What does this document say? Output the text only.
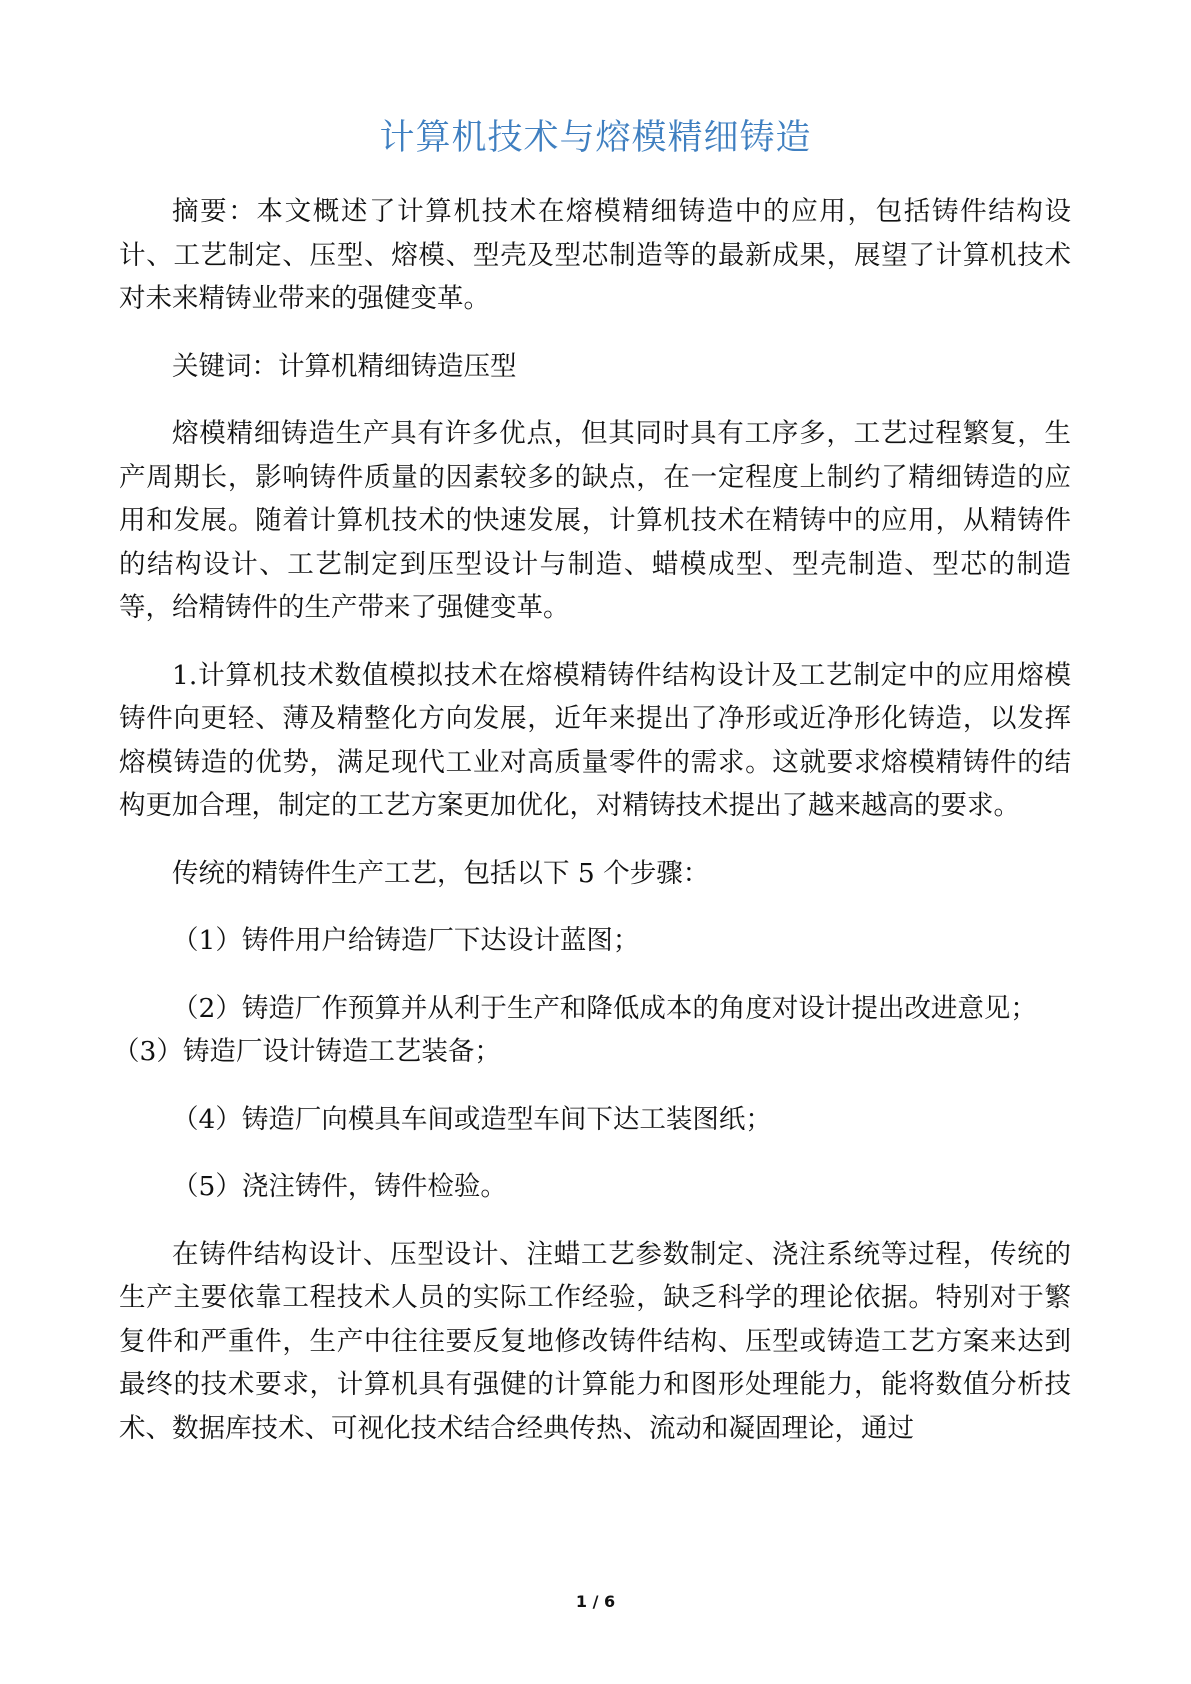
计算机技术与熔模精细铸造

摘要：本文概述了计算机技术在熔模精细铸造中的应用，包括铸件结构设计、工艺制定、压型、熔模、型壳及型芯制造等的最新成果，展望了计算机技术对未来精铸业带来的强健变革。

关键词：计算机精细铸造压型

熔模精细铸造生产具有许多优点，但其同时具有工序多，工艺过程繁复，生产周期长，影响铸件质量的因素较多的缺点，在一定程度上制约了精细铸造的应用和发展。随着计算机技术的快速发展，计算机技术在精铸中的应用，从精铸件的结构设计、工艺制定到压型设计与制造、蜡模成型、型壳制造、型芯的制造等，给精铸件的生产带来了强健变革。

1.计算机技术数值模拟技术在熔模精铸件结构设计及工艺制定中的应用熔模铸件向更轻、薄及精整化方向发展，近年来提出了净形或近净形化铸造，以发挥熔模铸造的优势，满足现代工业对高质量零件的需求。这就要求熔模精铸件的结构更加合理，制定的工艺方案更加优化，对精铸技术提出了越来越高的要求。

传统的精铸件生产工艺，包括以下 5 个步骤：

（1）铸件用户给铸造厂下达设计蓝图；

（2）铸造厂作预算并从利于生产和降低成本的角度对设计提出改进意见；

（3）铸造厂设计铸造工艺装备；

（4）铸造厂向模具车间或造型车间下达工装图纸；

（5）浇注铸件，铸件检验。

在铸件结构设计、压型设计、注蜡工艺参数制定、浇注系统等过程，传统的生产主要依靠工程技术人员的实际工作经验，缺乏科学的理论依据。特别对于繁复件和严重件，生产中往往要反复地修改铸件结构、压型或铸造工艺方案来达到最终的技术要求，计算机具有强健的计算能力和图形处理能力，能将数值分析技术、数据库技术、可视化技术结合经典传热、流动和凝固理论，通过

1 / 6
